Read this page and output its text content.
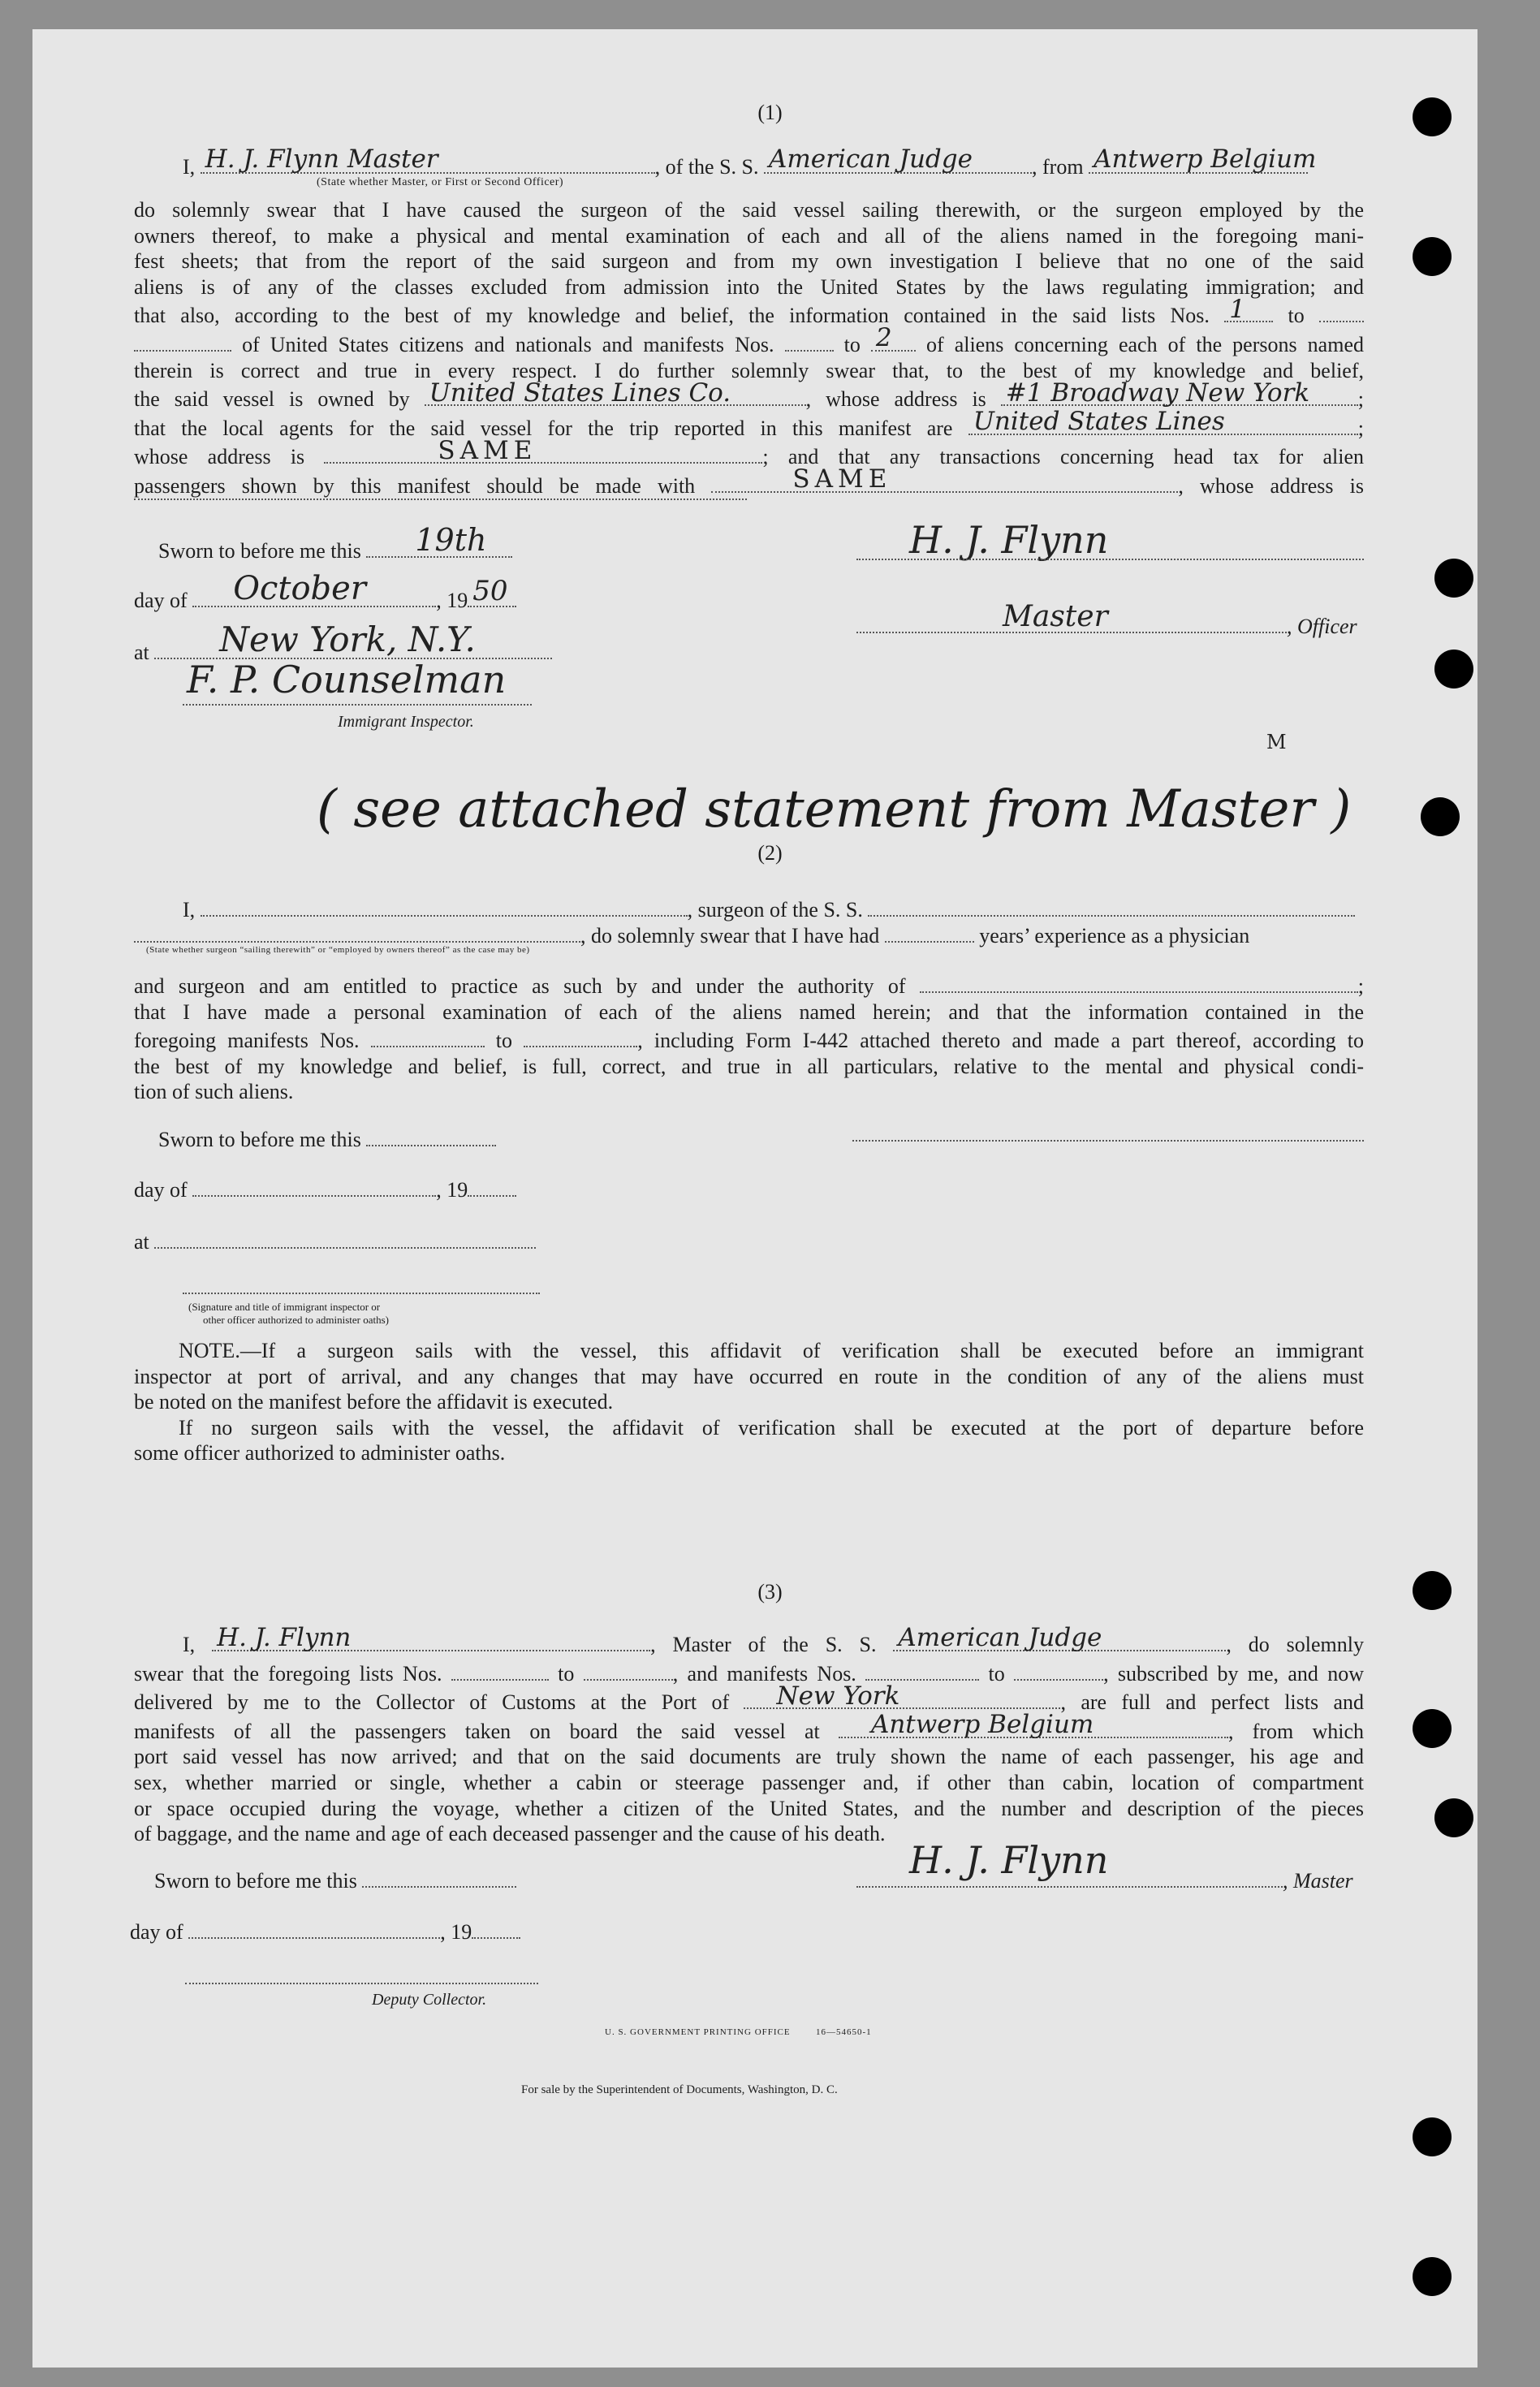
(1)
I, H. J. Flynn Master	, of the S. S. American Judge	, from Antwerp Belgium
(State whether Master, or First or Second Officer)
do solemnly swear that I have caused the surgeon of the said vessel sailing therewith, or the surgeon employed by the
owners thereof, to make a physical and mental examination of each and all of the aliens named in the foregoing mani-
fest sheets; that from the report of the said surgeon and from my own investigation I believe that no one of the said
aliens is of any of the classes excluded from admission into the United States by the laws regulating immigration; and
that also, according to the best of my knowledge and belief, the information contained in the said lists Nos. 1 to
of United States citizens and nationals and manifests Nos.	to 2 of aliens concerning each of the persons named
therein is correct and true in every respect. I do further solemnly swear that, to the best of my knowledge and belief,
the said vessel is owned by United States Lines Co.	, whose address is #1 Broadway New York ;
that the local agents for the said vessel for the trip reported in this manifest are United States Lines	;
whose address is	SAME	; and that any transactions concerning head tax for alien
passengers shown by this manifest should be made with	SAME	, whose address is
Sworn to before me this 19th
day of October	, 19 50
at New York, N.Y.
F. P. Counselman
Immigrant Inspector.
H. J. Flynn
Master	, Officer
( see attached statement from Master )
M
(2)
I,	, surgeon of the S. S.
, do solemnly swear that I have had	years’ experience as a physician
(State whether surgeon “sailing therewith” or “employed by owners thereof” as the case may be)
and surgeon and am entitled to practice as such by and under the authority of	;
that I have made a personal examination of each of the aliens named herein; and that the information contained in the
foregoing manifests Nos.	to	, including Form I-442 attached thereto and made a part thereof, according to
the best of my knowledge and belief, is full, correct, and true in all particulars, relative to the mental and physical condi-
tion of such aliens.
Sworn to before me this
day of	, 19
at
(Signature and title of immigrant inspector or
other officer authorized to administer oaths)
NOTE.—If a surgeon sails with the vessel, this affidavit of verification shall be executed before an immigrant
inspector at port of arrival, and any changes that may have occurred en route in the condition of any of the aliens must
be noted on the manifest before the affidavit is executed.
If no surgeon sails with the vessel, the affidavit of verification shall be executed at the port of departure before
some officer authorized to administer oaths.
(3)
I, H. J. Flynn	, Master of the S. S. American Judge	, do solemnly
swear that the foregoing lists Nos.	to	, and manifests Nos.	to	, subscribed by me, and now
delivered by me to the Collector of Customs at the Port of New York	, are full and perfect lists and
manifests of all the passengers taken on board the said vessel at Antwerp Belgium	, from which
port said vessel has now arrived; and that on the said documents are truly shown the name of each passenger, his age and
sex, whether married or single, whether a cabin or steerage passenger and, if other than cabin, location of compartment
or space occupied during the voyage, whether a citizen of the United States, and the number and description of the pieces
of baggage, and the name and age of each deceased passenger and the cause of his death.
Sworn to before me this	H. J. Flynn	, Master
day of	, 19
Deputy Collector.
U. S. GOVERNMENT PRINTING OFFICE	16—54650-1
For sale by the Superintendent of Documents, Washington, D. C.
